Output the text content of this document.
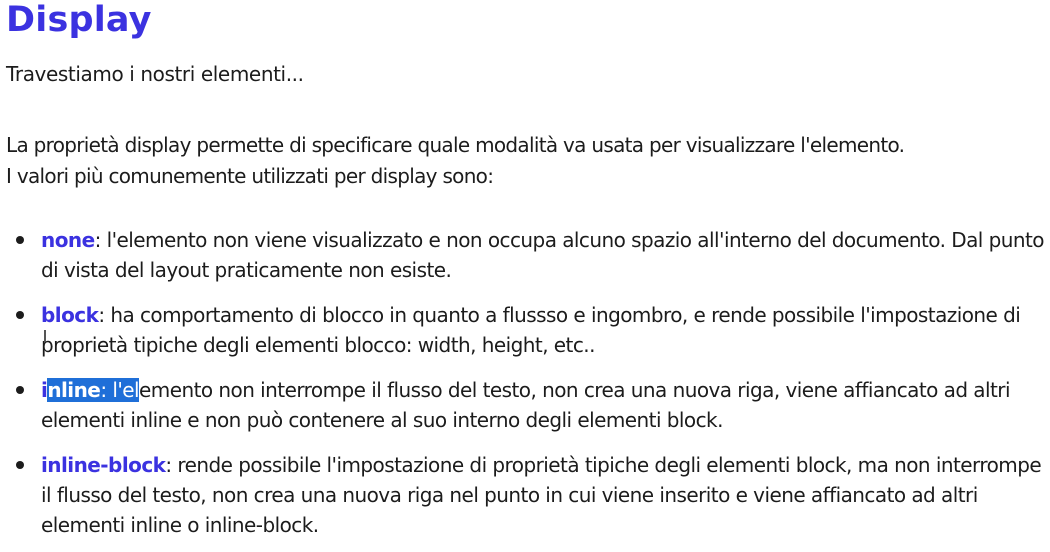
Display

Travestiamo i nostri elementi...

La proprietà display permette di specificare quale modalità va usata per visualizzare l'elemento.
I valori più comunemente utilizzati per display sono:

none: l'elemento non viene visualizzato e non occupa alcuno spazio all'interno del documento. Dal punto di vista del layout praticamente non esiste.
block: ha comportamento di blocco in quanto a flussso e ingombro, e rende possibile l'impostazione di proprietà tipiche degli elementi blocco: width, height, etc..
inline: l'elemento non interrompe il flusso del testo, non crea una nuova riga, viene affiancato ad altri elementi inline e non può contenere al suo interno degli elementi block.
inline-block: rende possibile l'impostazione di proprietà tipiche degli elementi block, ma non interrompe il flusso del testo, non crea una nuova riga nel punto in cui viene inserito e viene affiancato ad altri elementi inline o inline-block.
